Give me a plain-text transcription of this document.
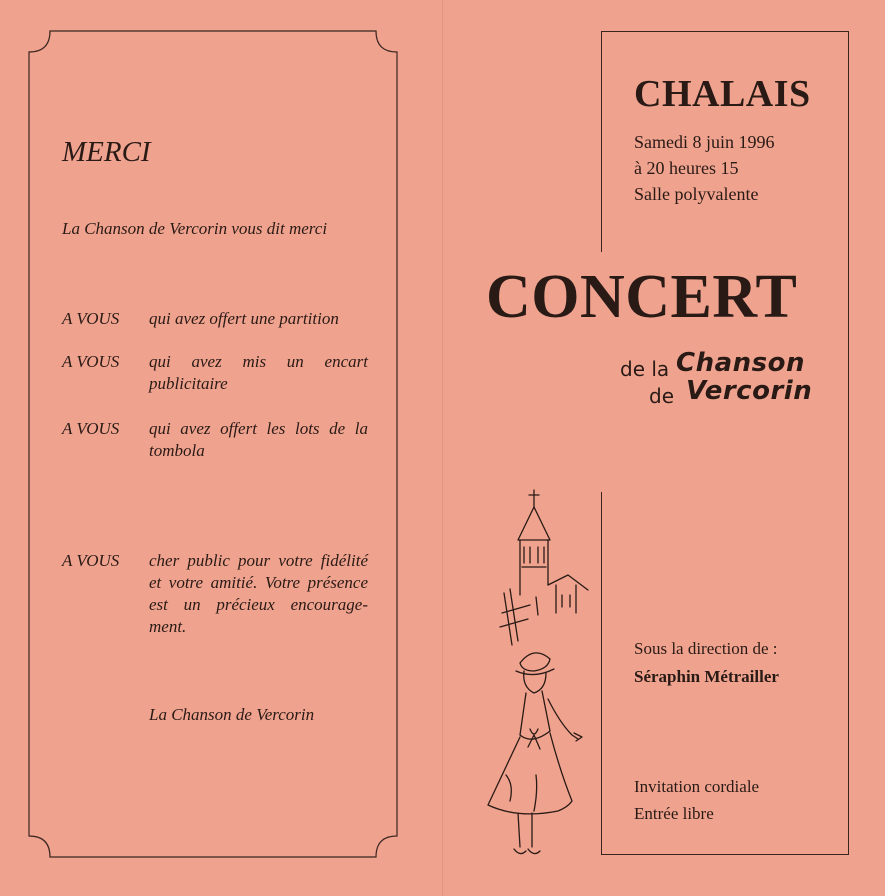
MERCI
La Chanson de Vercorin vous dit merci
A VOUS	qui avez offert une partition
A VOUS	qui avez mis un encart publicitaire
A VOUS	qui avez offert les lots de la tombola
A VOUS	cher public pour votre fidélité et votre amitié. Votre présence est un précieux encourage-ment.
La Chanson de Vercorin
CHALAIS
Samedi 8 juin 1996
à 20 heures 15
Salle polyvalente
CONCERT
de la Chanson
de Vercorin
Sous la direction de :
Séraphin Métrailler
Invitation cordiale
Entrée libre
